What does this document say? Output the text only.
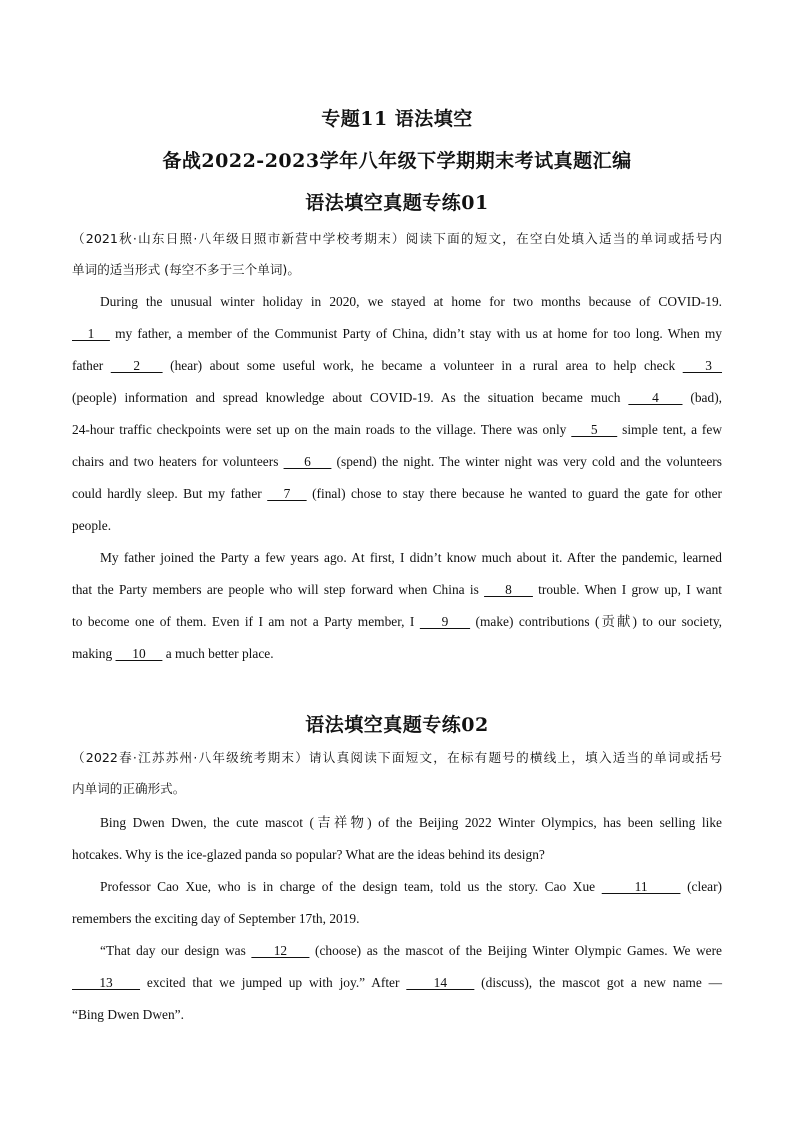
专题11 语法填空
备战2022-2023学年八年级下学期期末考试真题汇编
语法填空真题专练01
（2021秋·山东日照·八年级日照市新营中学校考期末）阅读下面的短文，在空白处填入适当的单词或括号内
单词的适当形式 (每空不多于三个单词)。
During the unusual winter holiday in 2020, we stayed at home for two months because of COVID-19.
1    my father, a member of the Communist Party of China, didn’t stay with us at home for too long. When my
father    2    (hear) about some useful work, he became a volunteer in a rural area to help check    3
(people) information and spread knowledge about COVID-19. As the situation became much    4    (bad),
24-hour traffic checkpoints were set up on the main roads to the village. There was only     5     simple tent, a few
chairs and two heaters for volunteers     6     (spend) the night. The winter night was very cold and the volunteers
could hardly sleep. But my father    7    (final) chose to stay there because he wanted to guard the gate for other
people.
My father joined the Party a few years ago. At first, I didn’t know much about it. After the pandemic, learned
that the Party members are people who will step forward when China is     8     trouble. When I grow up, I want
to become one of them. Even if I am not a Party member, I     9     (make) contributions (贡献) to our society,
making      10      a much better place.
语法填空真题专练02
（2022春·江苏苏州·八年级统考期末）请认真阅读下面短文，在标有题号的横线上，填入适当的单词或括号
内单词的正确形式。
Bing Dwen Dwen, the cute mascot (吉祥物) of the Beijing 2022 Winter Olympics, has been selling like
hotcakes. Why is the ice-glazed panda so popular? What are the ideas behind its design?
Professor Cao Xue, who is in charge of the design team, told us the story. Cao Xue      11      (clear)
remembers the exciting day of September 17th, 2019.
“That day our design was     12     (choose) as the mascot of the Beijing Winter Olympic Games. We were
13     excited that we jumped up with joy.” After     14     (discuss), the mascot got a new name —
“Bing Dwen Dwen”.
